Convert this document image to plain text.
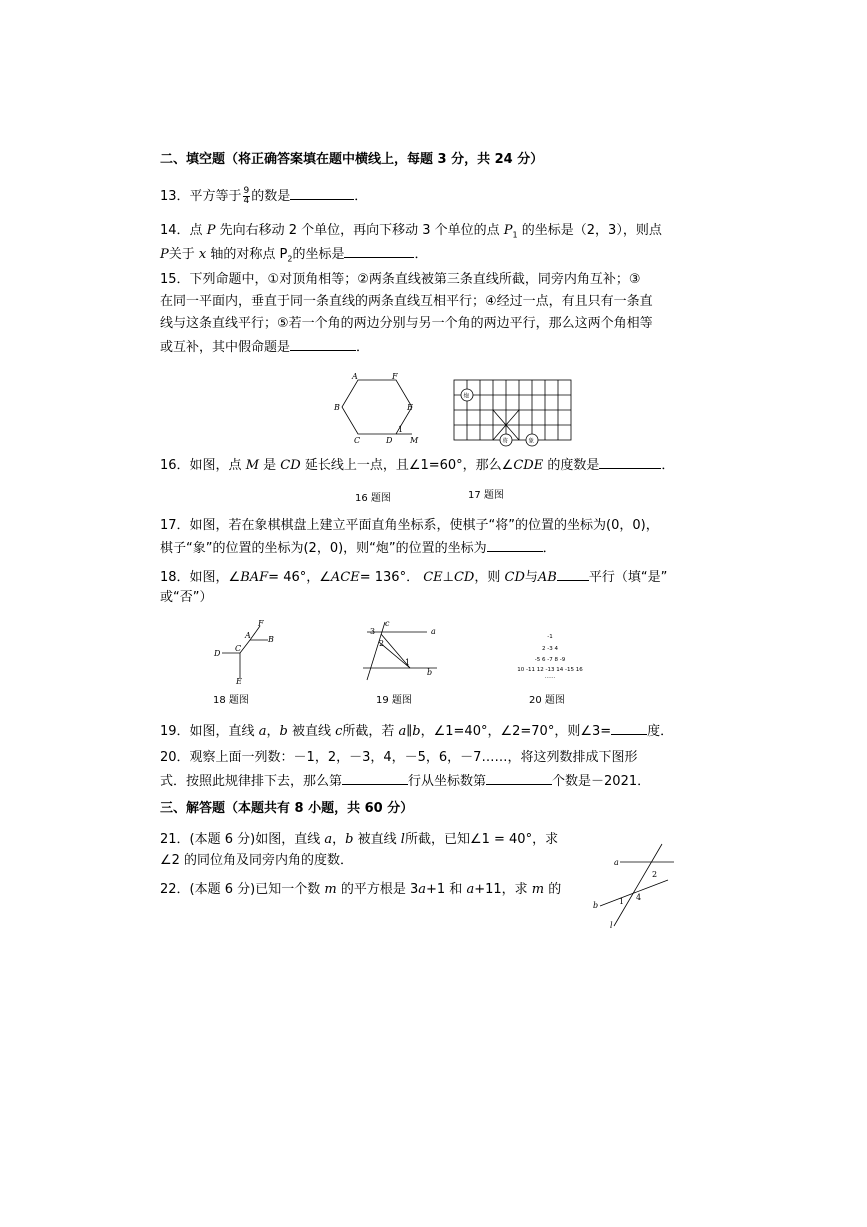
二、填空题（将正确答案填在题中横线上，每题 3 分，共 24 分）
13．平方等于 $\frac{9}{4}$ 的数是	．
14．点 P 先向右移动 2 个单位，再向下移动 3 个单位的点 $P_1$ 的坐标是（2，3），则点
P关于 x 轴的对称点 $P_2$的坐标是	．
15．下列命题中，①对顶角相等；②两条直线被第三条直线所截，同旁内角互补；③
在同一平面内，垂直于同一条直线的两条直线互相平行；④经过一点，有且只有一条直
线与这条直线平行；⑤若一个角的两边分别与另一个角的两边平行，那么这两个角相等
或互补，其中假命题是	．
A	F
B	E
C	D M
1
炮
将	象
16．如图，点 M 是 CD 延长线上一点，且∠1=60°，那么∠CDE 的度数是	．
16 题图	17 题图
17．如图，若在象棋棋盘上建立平面直角坐标系，使棋子“将”的位置的坐标为(0，0)，
棋子“象”的位置的坐标为(2，0)，则“炮”的位置的坐标为	．
18．如图，∠BAF= 46°，∠ACE= 136°． CE⊥CD，则 CD与AB 平行（填“是”
或“否”）
F
A B
D
C
E
c
3	a
2
1
b
-1
2 -3 4
-5 6 -7 8 -9
10 -11 12 -13 14 -15 16
……
18 题图	19 题图	20 题图
19．如图，直线 a，b 被直线 c所截，若 a∥b，∠1=40°，∠2=70°，则∠3=	度．
20．观察上面一列数：－1，2，－3，4，－5，6，－7……，将这列数排成下图形
式．按照此规律排下去，那么第	行从坐标数第	个数是－2021．
三、解答题（本题共有 8 小题，共 60 分）
21．(本题 6 分)如图，直线 a，b 被直线 l所截，已知∠1 = 40°，求
∠2 的同位角及同旁内角的度数．	a
2
b	1 4
l
22．(本题 6 分)已知一个数 m 的平方根是 3a+1 和 a+11，求 m 的
